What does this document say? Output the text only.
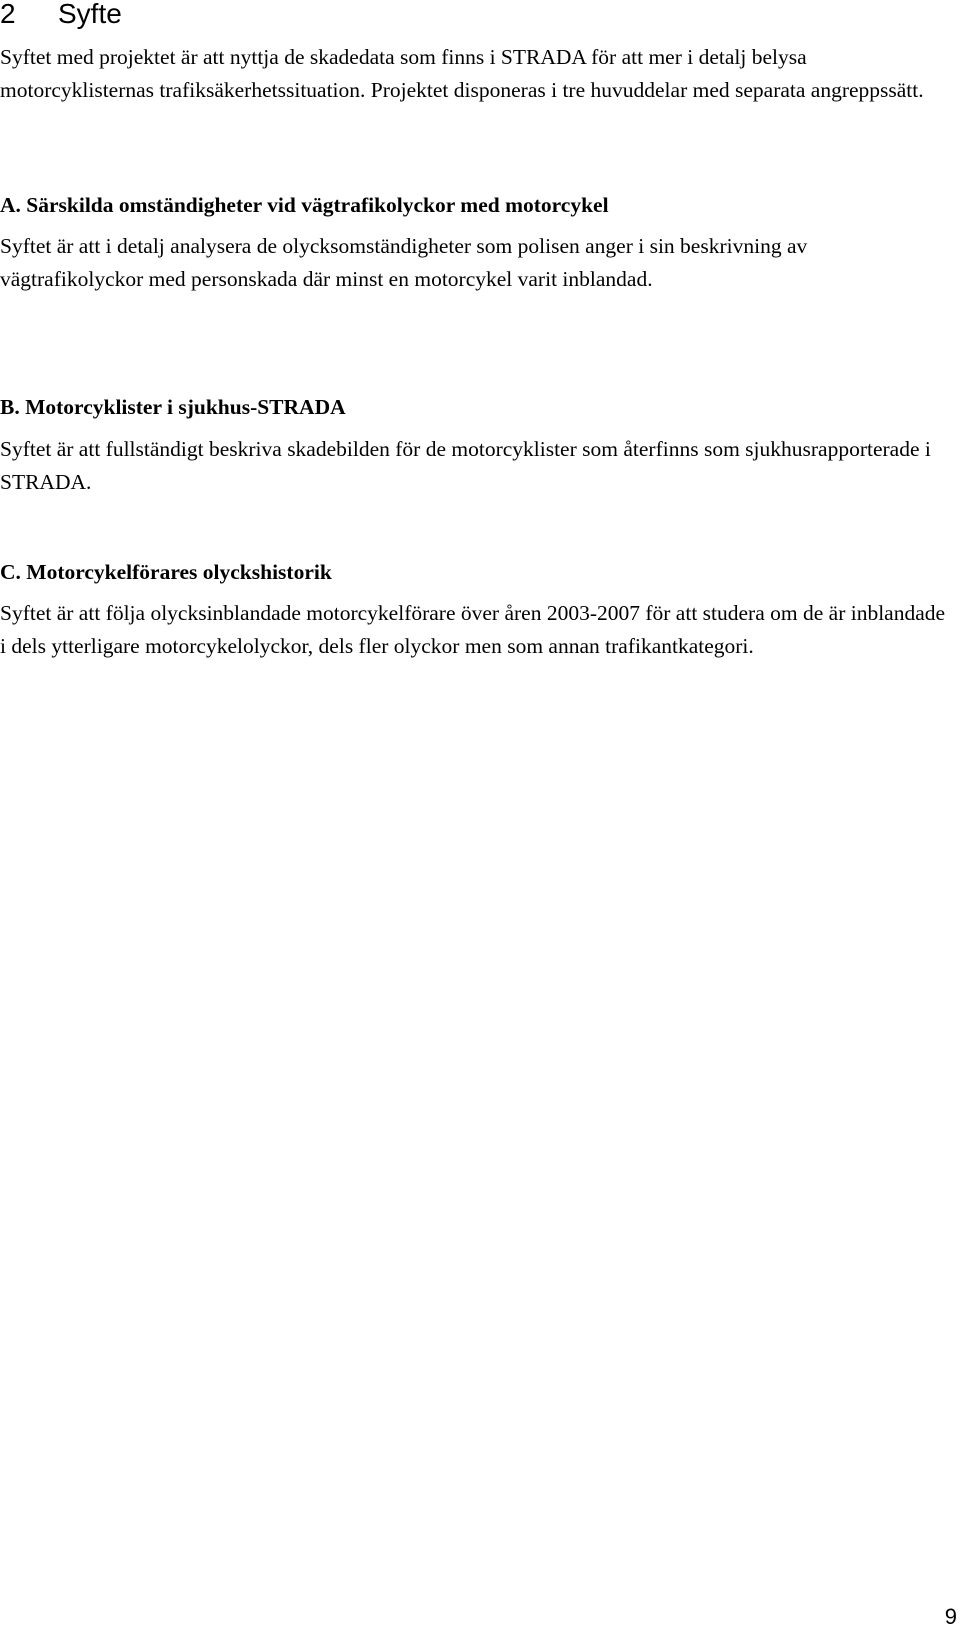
2 Syfte

Syftet med projektet är att nyttja de skadedata som finns i STRADA för att mer i detalj belysa motorcyklisternas trafiksäkerhetssituation. Projektet disponeras i tre huvuddelar med separata angreppssätt.

A. Särskilda omständigheter vid vägtrafikolyckor med motorcykel

Syftet är att i detalj analysera de olycksomständigheter som polisen anger i sin beskrivning av vägtrafikolyckor med personskada där minst en motorcykel varit inblandad.

B. Motorcyklister i sjukhus-STRADA

Syftet är att fullständigt beskriva skadebilden för de motorcyklister som återfinns som sjukhusrapporterade i STRADA.

C. Motorcykelförares olyckshistorik

Syftet är att följa olycksinblandade motorcykelförare över åren 2003-2007 för att studera om de är inblandade i dels ytterligare motorcykelolyckor, dels fler olyckor men som annan trafikantkategori.

9
